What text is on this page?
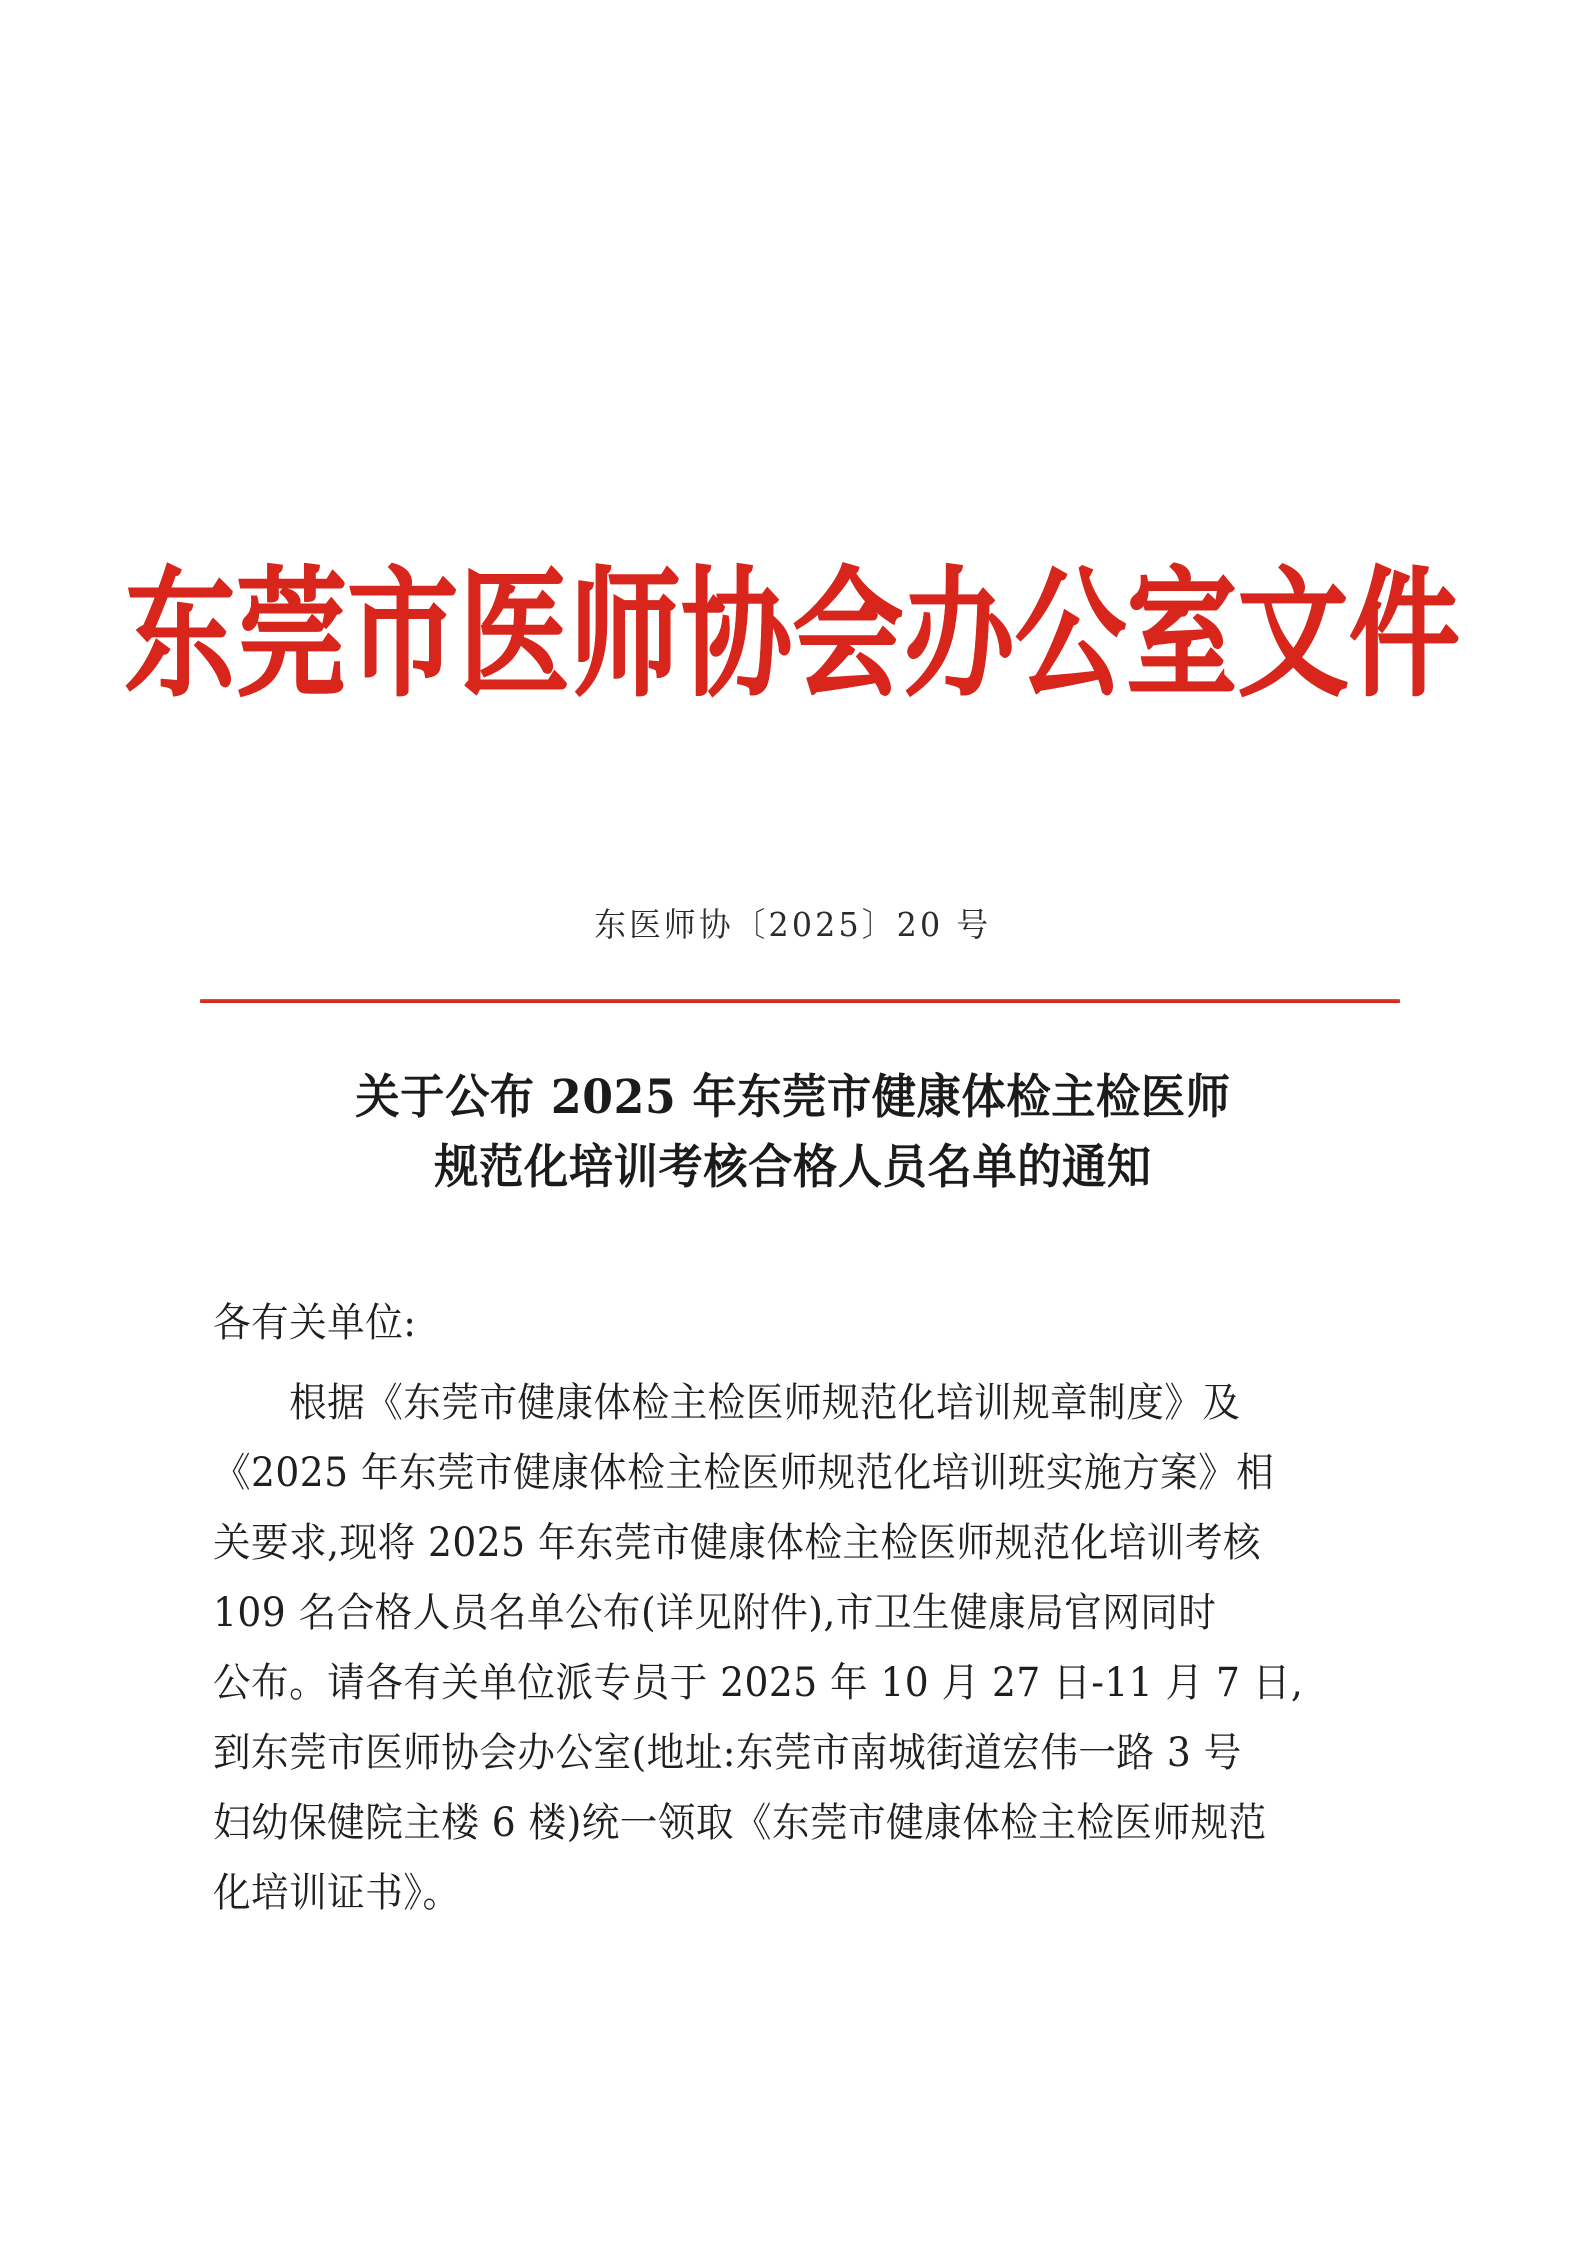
东莞市医师协会办公室文件
东医师协〔2025〕20 号
关于公布 2025 年东莞市健康体检主检医师
规范化培训考核合格人员名单的通知
各有关单位:
　　根据《东莞市健康体检主检医师规范化培训规章制度》及
《2025 年东莞市健康体检主检医师规范化培训班实施方案》相
关要求,现将 2025 年东莞市健康体检主检医师规范化培训考核
109 名合格人员名单公布(详见附件),市卫生健康局官网同时
公布。请各有关单位派专员于 2025 年 10 月 27 日-11 月 7 日,
到东莞市医师协会办公室(地址:东莞市南城街道宏伟一路 3 号
妇幼保健院主楼 6 楼)统一领取《东莞市健康体检主检医师规范
化培训证书》。
